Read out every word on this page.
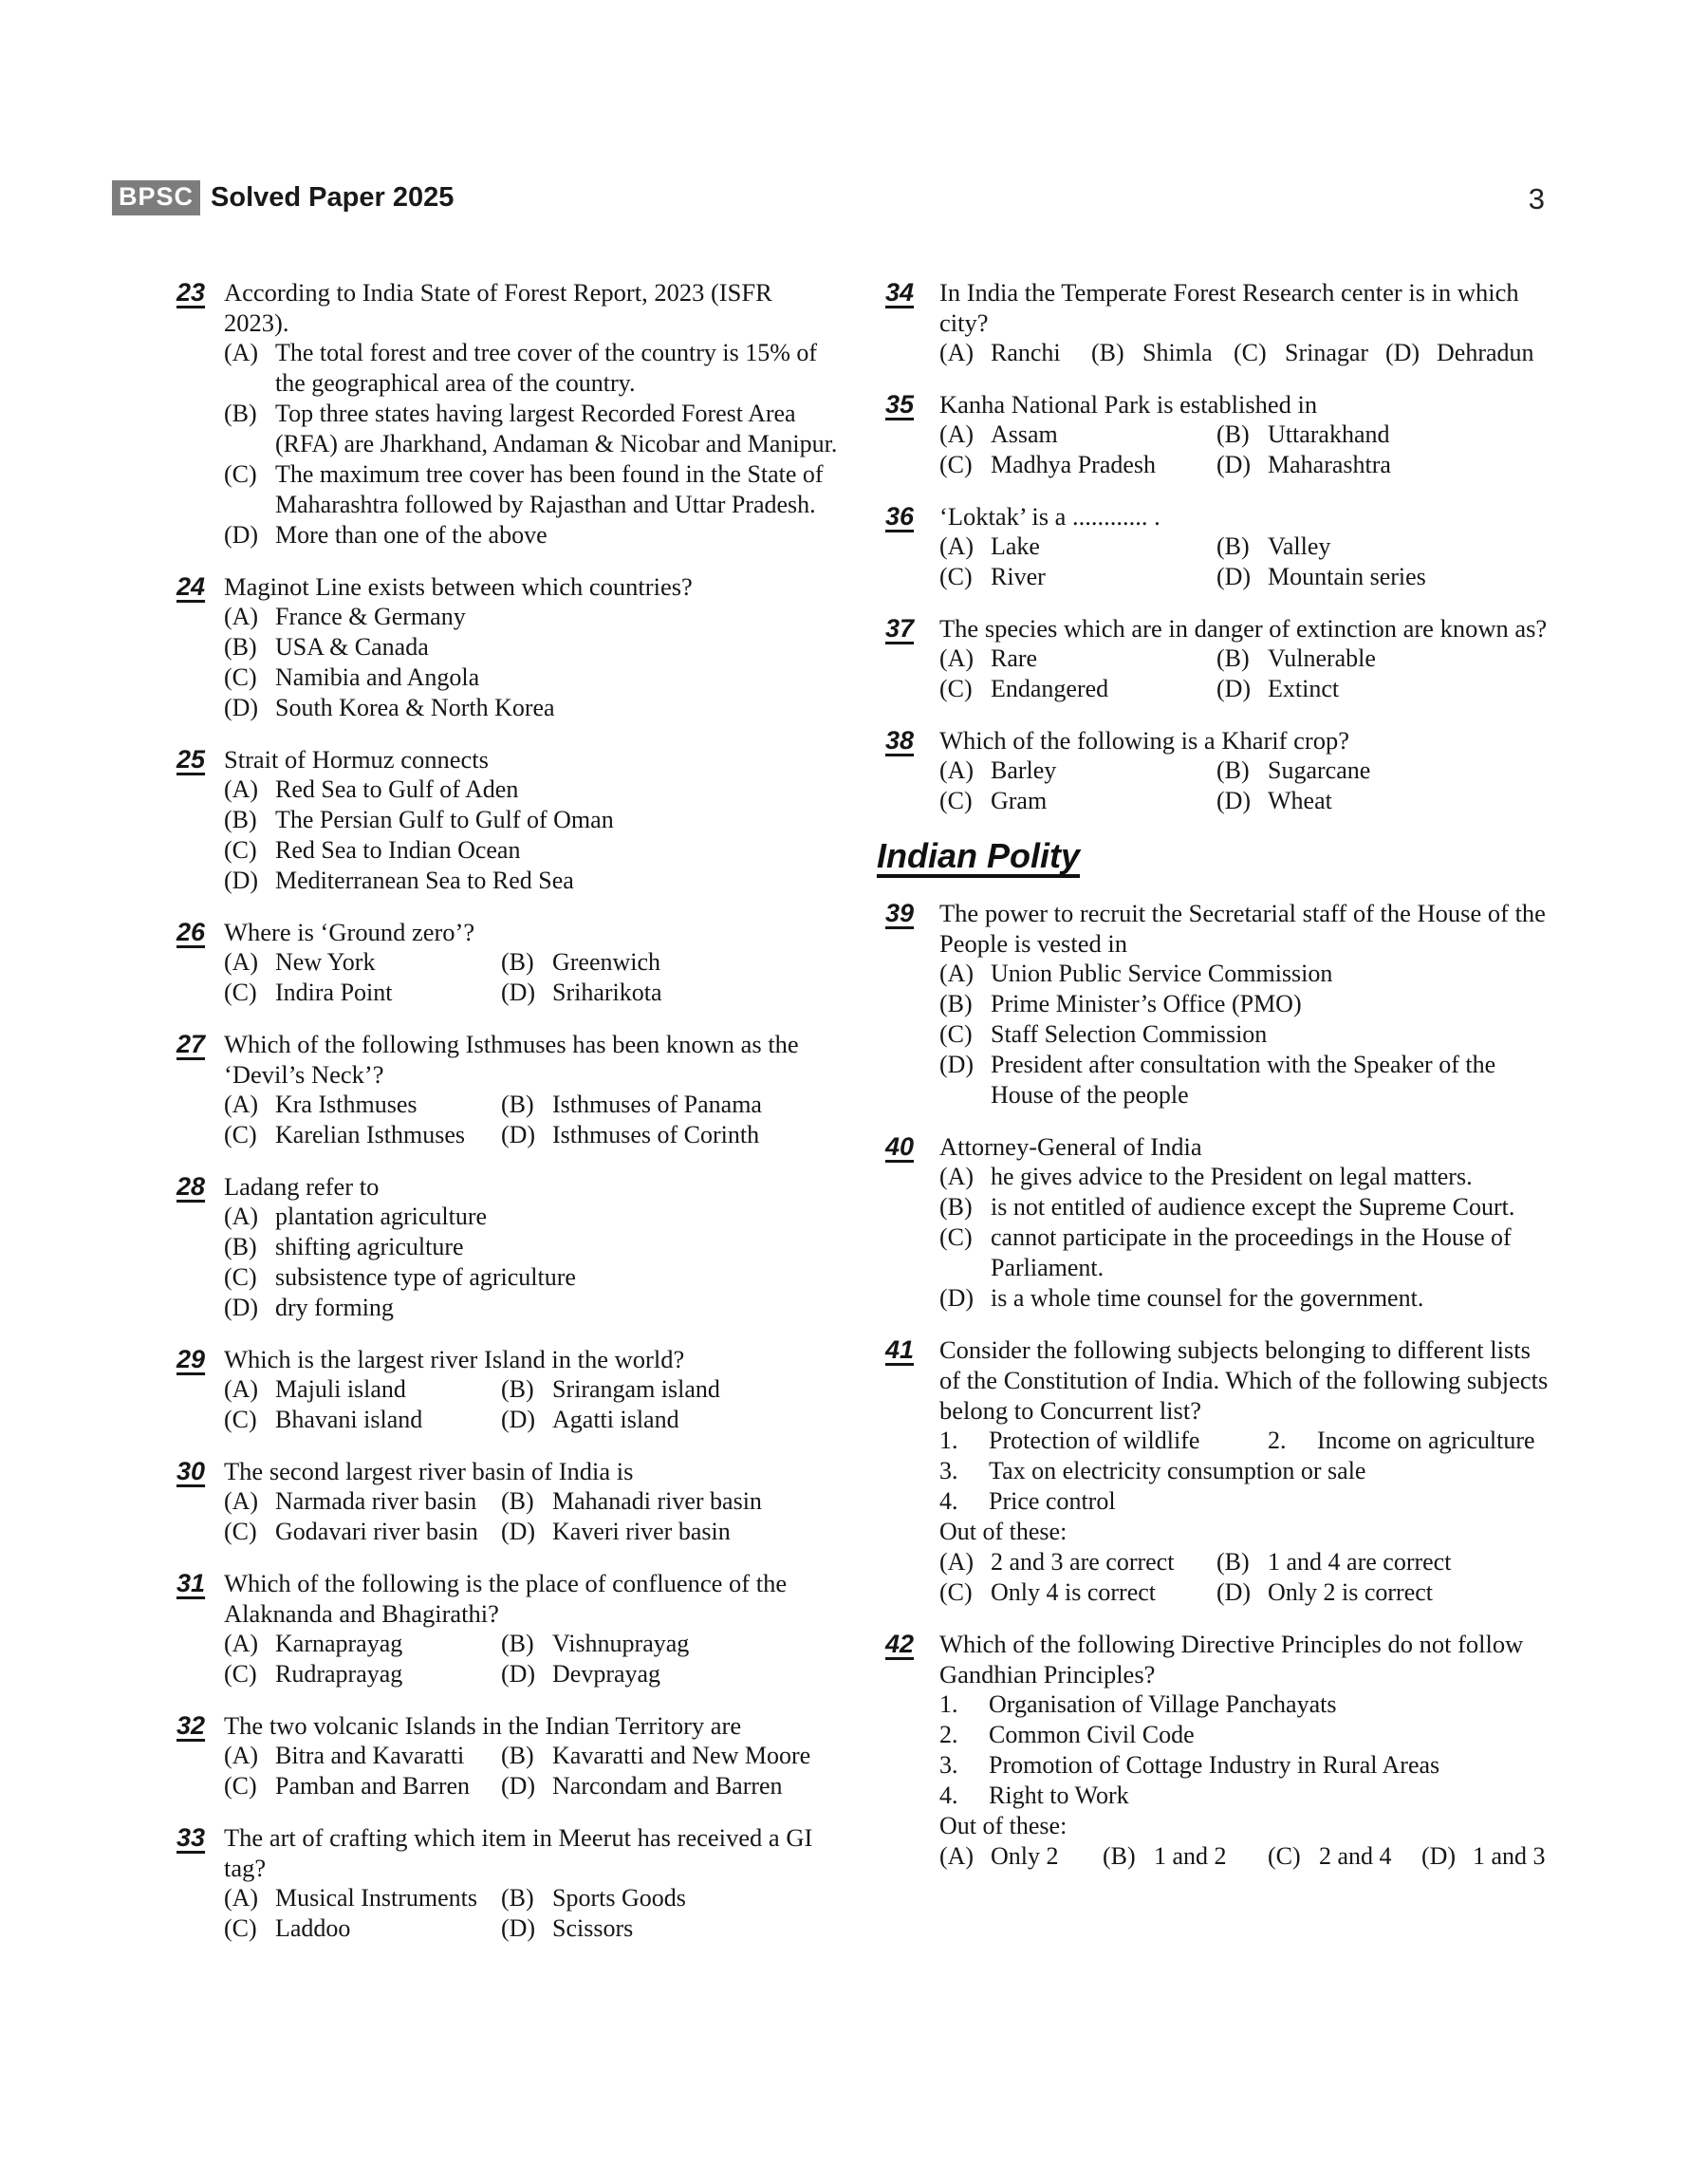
BPSC Solved Paper 2025	3
23 According to India State of Forest Report, 2023 (ISFR 2023).
(A) The total forest and tree cover of the country is 15% of the geographical area of the country.
(B) Top three states having largest Recorded Forest Area (RFA) are Jharkhand, Andaman & Nicobar and Manipur.
(C) The maximum tree cover has been found in the State of Maharashtra followed by Rajasthan and Uttar Pradesh.
(D) More than one of the above
24 Maginot Line exists between which countries?
(A) France & Germany
(B) USA & Canada
(C) Namibia and Angola
(D) South Korea & North Korea
25 Strait of Hormuz connects
(A) Red Sea to Gulf of Aden
(B) The Persian Gulf to Gulf of Oman
(C) Red Sea to Indian Ocean
(D) Mediterranean Sea to Red Sea
26 Where is ‘Ground zero’?
(A) New York	(B) Greenwich
(C) Indira Point	(D) Sriharikota
27 Which of the following Isthmuses has been known as the ‘Devil’s Neck’?
(A) Kra Isthmuses	(B) Isthmuses of Panama
(C) Karelian Isthmuses	(D) Isthmuses of Corinth
28 Ladang refer to
(A) plantation agriculture
(B) shifting agriculture
(C) subsistence type of agriculture
(D) dry forming
29 Which is the largest river Island in the world?
(A) Majuli island	(B) Srirangam island
(C) Bhavani island	(D) Agatti island
30 The second largest river basin of India is
(A) Narmada river basin (B) Mahanadi river basin
(C) Godavari river basin (D) Kaveri river basin
31 Which of the following is the place of confluence of the Alaknanda and Bhagirathi?
(A) Karnaprayag	(B) Vishnuprayag
(C) Rudraprayag	(D) Devprayag
32 The two volcanic Islands in the Indian Territory are
(A) Bitra and Kavaratti	(B) Kavaratti and New Moore
(C) Pamban and Barren	(D) Narcondam and Barren
33 The art of crafting which item in Meerut has received a GI tag?
(A) Musical Instruments (B) Sports Goods
(C) Laddoo	(D) Scissors
34	In India the Temperate Forest Research center is in which city?
(A) Ranchi	(B) Shimla (C) Srinagar (D) Dehradun
35	Kanha National Park is established in
(A) Assam	(B) Uttarakhand
(C) Madhya Pradesh	(D) Maharashtra
36	‘Loktak’ is a ............ .
(A) Lake	(B) Valley
(C) River	(D) Mountain series
37	The species which are in danger of extinction are known as?
(A) Rare	(B) Vulnerable
(C) Endangered	(D) Extinct
38	Which of the following is a Kharif crop?
(A) Barley	(B) Sugarcane
(C) Gram	(D) Wheat
Indian Polity
39	The power to recruit the Secretarial staff of the House of the People is vested in
(A) Union Public Service Commission
(B) Prime Minister’s Office (PMO)
(C) Staff Selection Commission
(D) President after consultation with the Speaker of the House of the people
40	Attorney-General of India
(A) he gives advice to the President on legal matters.
(B) is not entitled of audience except the Supreme Court.
(C) cannot participate in the proceedings in the House of Parliament.
(D) is a whole time counsel for the government.
41	Consider the following subjects belonging to different lists of the Constitution of India. Which of the following subjects belong to Concurrent list?
1.	Protection of wildlife	2.	Income on agriculture
3.	Tax on electricity consumption or sale
4.	Price control
Out of these:
(A) 2 and 3 are correct	(B) 1 and 4 are correct
(C) Only 4 is correct	(D) Only 2 is correct
42	Which of the following Directive Principles do not follow Gandhian Principles?
1.	Organisation of Village Panchayats
2.	Common Civil Code
3.	Promotion of Cottage Industry in Rural Areas
4.	Right to Work
Out of these:
(A) Only 2	(B) 1 and 2	(C) 2 and 4	(D) 1 and 3
